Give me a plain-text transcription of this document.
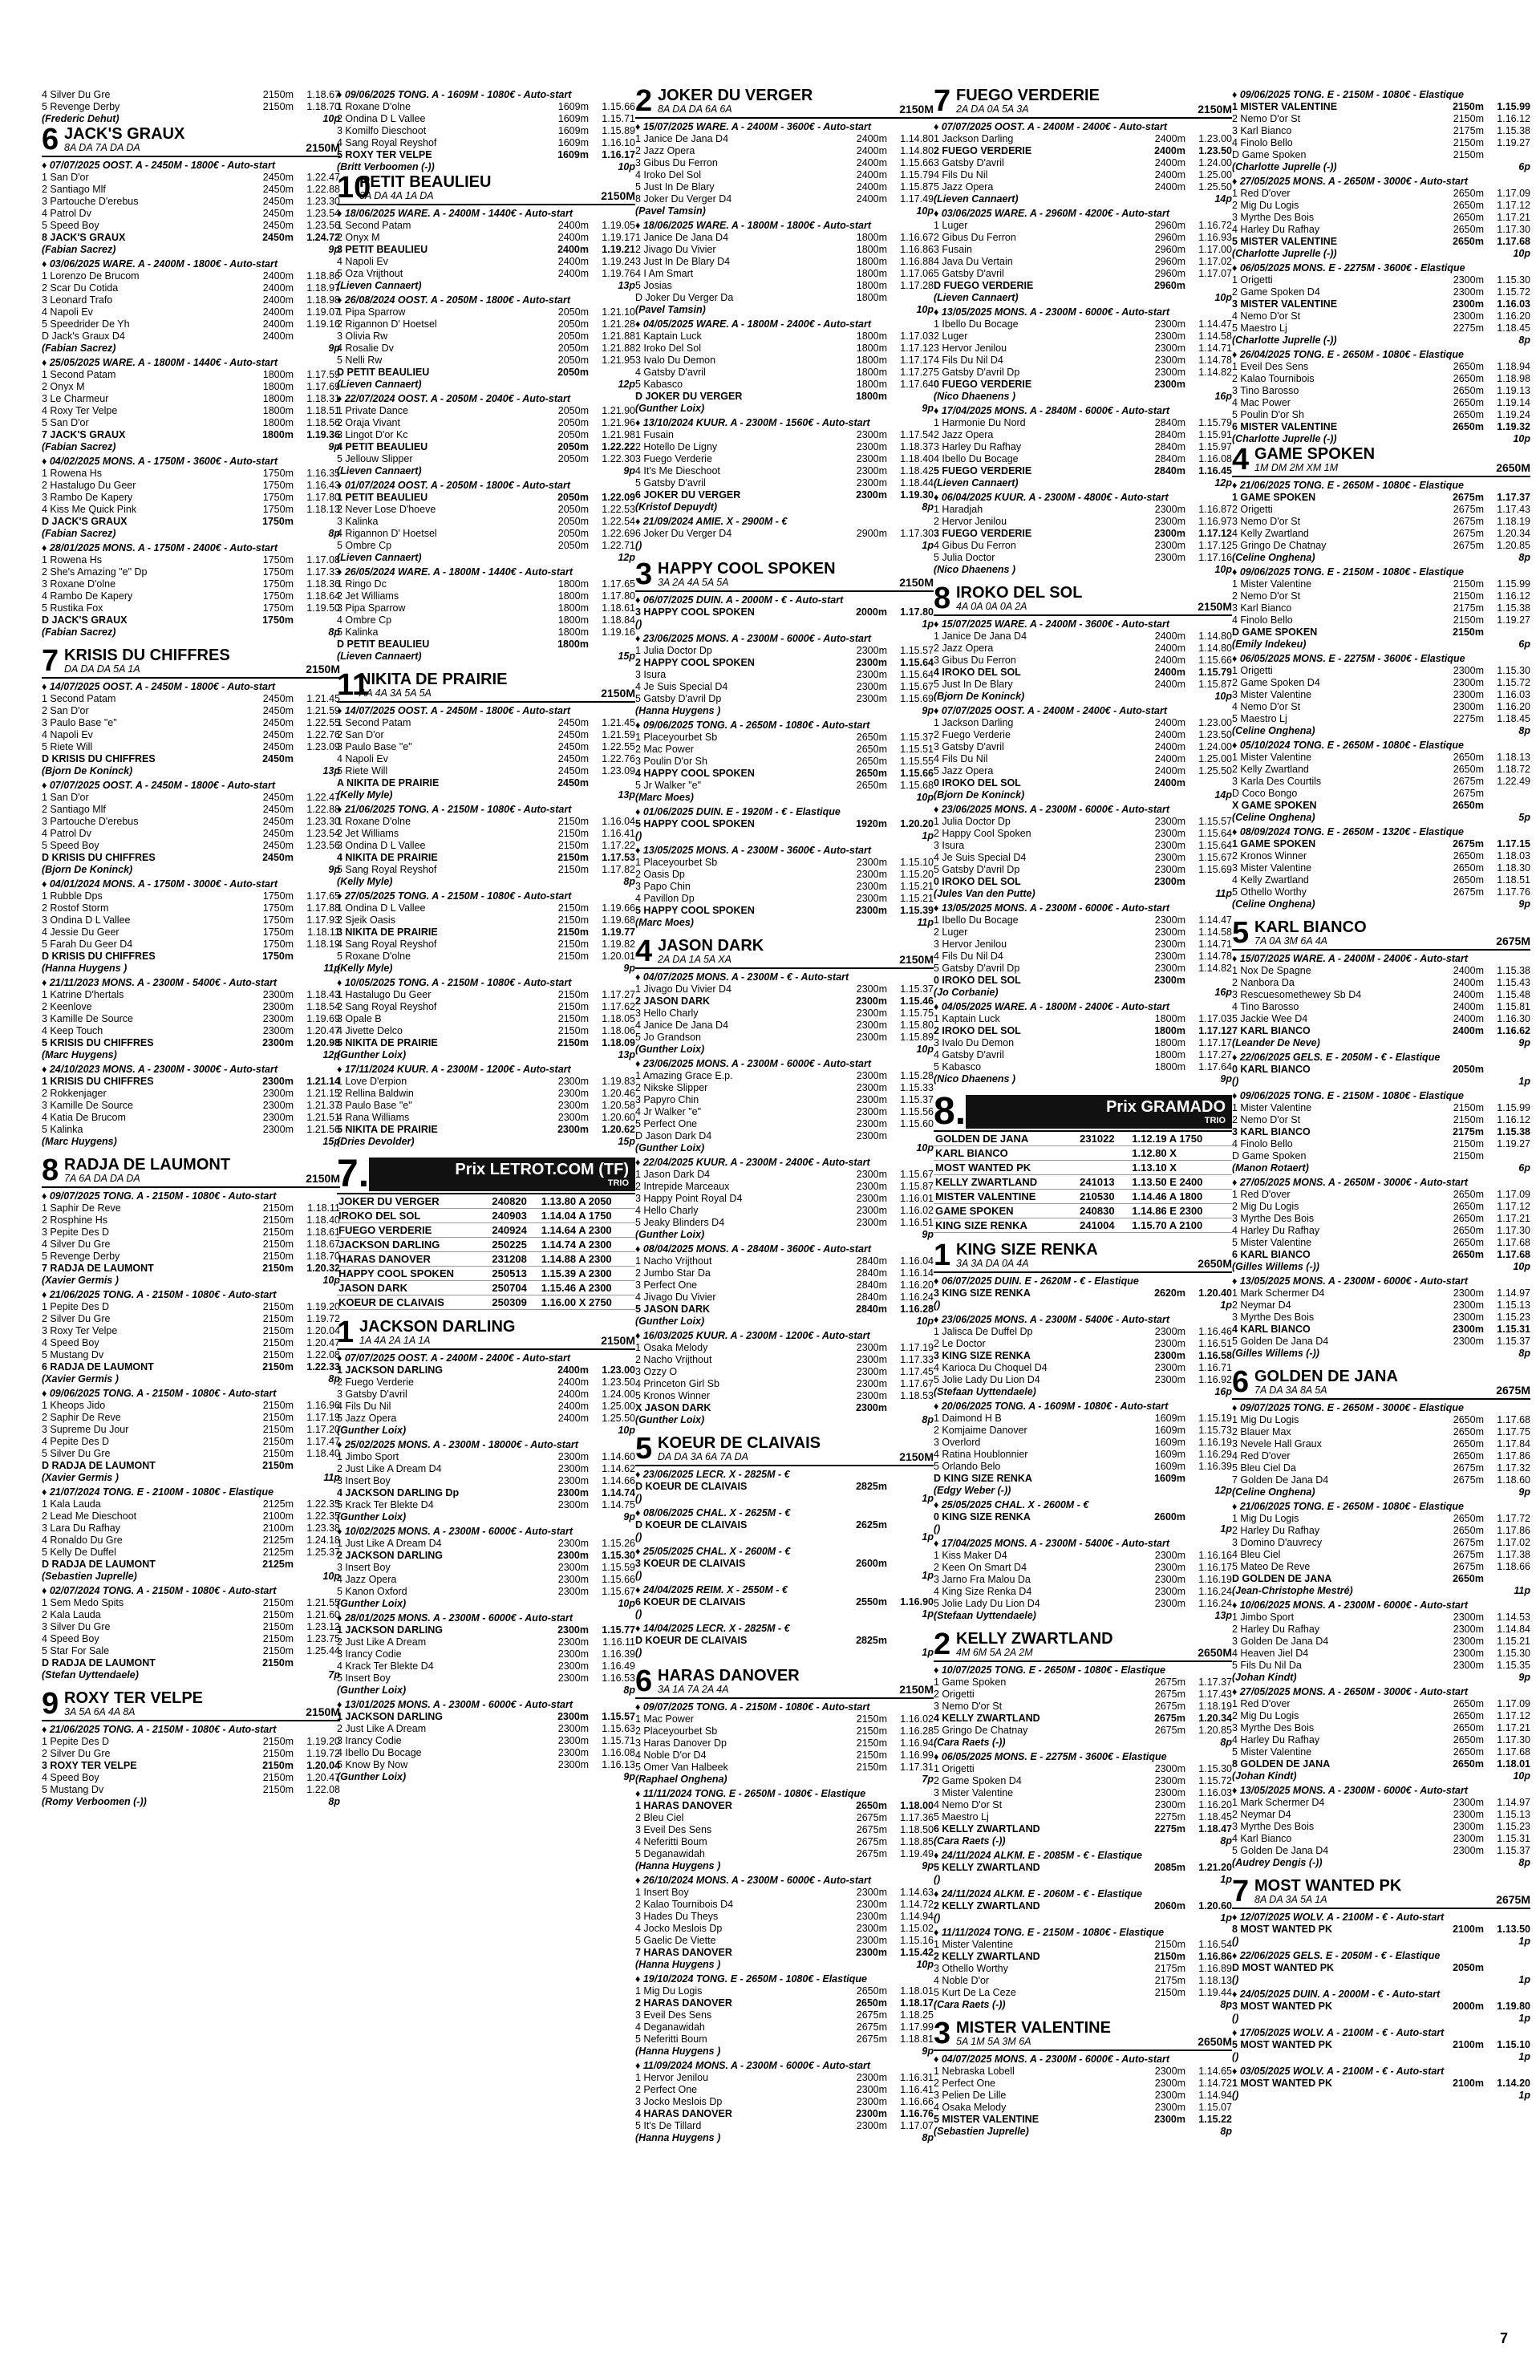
4 Silver Du Gre	2150m	1.18.67
5 Revenge Derby	2150m	1.18.70
(Frederic Dehut)	10p
6 JACK'S GRAUX
8A DA 7A DA DA	2150M
♦ 07/07/2025 OOST. A - 2450M - 1800€ - Auto-start
1 San D'or	2450m	1.22.47
2 Santiago Mlf	2450m	1.22.88
3 Partouche D'erebus	2450m	1.23.30
4 Patrol Dv	2450m	1.23.54
5 Speed Boy	2450m	1.23.56
8 JACK'S GRAUX	2450m	1.24.72
(Fabian Sacrez)	9p
♦ 03/06/2025 WARE. A - 2400M - 1800€ - Auto-start
1 Lorenzo De Brucom	2400m	1.18.86
2 Scar Du Cotida	2400m	1.18.97
3 Leonard Trafo	2400m	1.18.98
4 Napoli Ev	2400m	1.19.07
5 Speedrider De Yh	2400m	1.19.16
D Jack's Graux D4	2400m
(Fabian Sacrez)	9p
♦ 25/05/2025 WARE. A - 1800M - 1440€ - Auto-start
1 Second Patam	1800m	1.17.59
2 Onyx M	1800m	1.17.69
3 Le Charmeur	1800m	1.18.31
4 Roxy Ter Velpe	1800m	1.18.51
5 San D'or	1800m	1.18.56
7 JACK'S GRAUX	1800m	1.19.36
(Fabian Sacrez)	9p
♦ 04/02/2025 MONS. A - 1750M - 3600€ - Auto-start
1 Rowena Hs	1750m	1.16.35
2 Hastalugo Du Geer	1750m	1.16.43
3 Rambo De Kapery	1750m	1.17.80
4 Kiss Me Quick Pink	1750m	1.18.13
D JACK'S GRAUX	1750m
(Fabian Sacrez)	8p
♦ 28/01/2025 MONS. A - 1750M - 2400€ - Auto-start
1 Rowena Hs	1750m	1.17.08
2 She's Amazing "e" Dp	1750m	1.17.33
3 Roxane D'olne	1750m	1.18.36
4 Rambo De Kapery	1750m	1.18.64
5 Rustika Fox	1750m	1.19.50
D JACK'S GRAUX	1750m
(Fabian Sacrez)	8p
7 KRISIS DU CHIFFRES
DA DA DA 5A 1A	2150M
♦ 14/07/2025 OOST. A - 2450M - 1800€ - Auto-start
1 Second Patam	2450m	1.21.45
2 San D'or	2450m	1.21.59
3 Paulo Base "e"	2450m	1.22.55
4 Napoli Ev	2450m	1.22.76
5 Riete Will	2450m	1.23.09
D KRISIS DU CHIFFRES	2450m
(Bjorn De Koninck)	13p
♦ 07/07/2025 OOST. A - 2450M - 1800€ - Auto-start
1 San D'or	2450m	1.22.47
2 Santiago Mlf	2450m	1.22.88
3 Partouche D'erebus	2450m	1.23.30
4 Patrol Dv	2450m	1.23.54
5 Speed Boy	2450m	1.23.56
D KRISIS DU CHIFFRES	2450m
(Bjorn De Koninck)	9p
♦ 04/01/2024 MONS. A - 1750M - 3000€ - Auto-start
1 Rubble Dps	1750m	1.17.65
2 Rostof Storm	1750m	1.17.88
3 Ondina D L Vallee	1750m	1.17.93
4 Jessie Du Geer	1750m	1.18.11
5 Farah Du Geer D4	1750m	1.18.19
D KRISIS DU CHIFFRES	1750m
(Hanna Huygens )	11p
♦ 21/11/2023 MONS. A - 2300M - 5400€ - Auto-start
1 Katrine D'hertals	2300m	1.18.43
2 Keenlove	2300m	1.18.54
3 Kamille De Source	2300m	1.19.69
4 Keep Touch	2300m	1.20.47
5 KRISIS DU CHIFFRES	2300m	1.20.98
(Marc Huygens)	12p
♦ 24/10/2023 MONS. A - 2300M - 3000€ - Auto-start
1 KRISIS DU CHIFFRES	2300m	1.21.14
2 Rokkenjager	2300m	1.21.15
3 Kamille De Source	2300m	1.21.37
4 Katia De Brucom	2300m	1.21.51
5 Kalinka	2300m	1.21.56
(Marc Huygens)	15p
8 RADJA DE LAUMONT
7A 6A DA DA DA	2150M
♦ 09/07/2025 TONG. A - 2150M - 1080€ - Auto-start
1 Saphir De Reve	2150m	1.18.11
2 Rosphine Hs	2150m	1.18.40
3 Pepite Des D	2150m	1.18.61
4 Silver Du Gre	2150m	1.18.67
5 Revenge Derby	2150m	1.18.70
7 RADJA DE LAUMONT	2150m	1.20.32
(Xavier Germis )	10p
♦ 21/06/2025 TONG. A - 2150M - 1080€ - Auto-start
1 Pepite Des D	2150m	1.19.20
2 Silver Du Gre	2150m	1.19.72
3 Roxy Ter Velpe	2150m	1.20.04
4 Speed Boy	2150m	1.20.47
5 Mustang Dv	2150m	1.22.08
6 RADJA DE LAUMONT	2150m	1.22.33
(Xavier Germis )	8p
♦ 09/06/2025 TONG. A - 2150M - 1080€ - Auto-start
1 Kheops Jido	2150m	1.16.96
2 Saphir De Reve	2150m	1.17.19
3 Supreme Du Jour	2150m	1.17.20
4 Pepite Des D	2150m	1.17.47
5 Silver Du Gre	2150m	1.18.40
D RADJA DE LAUMONT	2150m
(Xavier Germis )	11p
♦ 21/07/2024 TONG. E - 2100M - 1080€ - Elastique
1 Kala Lauda	2125m	1.22.35
2 Lead Me Dieschoot	2100m	1.22.35
3 Lara Du Rafhay	2100m	1.23.38
4 Ronaldo Du Gre	2125m	1.24.18
5 Kelly De Duffel	2125m	1.25.37
D RADJA DE LAUMONT	2125m
(Sebastien Juprelle)	10p
♦ 02/07/2024 TONG. A - 2150M - 1080€ - Auto-start
1 Sem Medo Spits	2150m	1.21.55
2 Kala Lauda	2150m	1.21.60
3 Silver Du Gre	2150m	1.23.12
4 Speed Boy	2150m	1.23.75
5 Star For Sale	2150m	1.25.44
D RADJA DE LAUMONT	2150m
(Stefan Uyttendaele)	7p
9 ROXY TER VELPE
3A 5A 6A 4A 8A	2150M
♦ 21/06/2025 TONG. A - 2150M - 1080€ - Auto-start
1 Pepite Des D	2150m	1.19.20
2 Silver Du Gre	2150m	1.19.72
3 ROXY TER VELPE	2150m	1.20.04
4 Speed Boy	2150m	1.20.47
5 Mustang Dv	2150m	1.22.08
(Romy Verboomen (-))	8p
♦ 09/06/2025 TONG. A - 1609M - 1080€ - Auto-start
1 Roxane D'olne	1609m	1.15.66
2 Ondina D L Vallee	1609m	1.15.71
3 Komilfo Dieschoot	1609m	1.15.89
4 Sang Royal Reyshof	1609m	1.16.10
5 ROXY TER VELPE	1609m	1.16.17
(Britt Verboomen (-))	10p
10
PETIT BEAULIEU
3A DA 4A 1A DA	2150M
♦ 18/06/2025 WARE. A - 2400M - 1440€ - Auto-start
1 Second Patam	2400m	1.19.05
2 Onyx M	2400m	1.19.17
3 PETIT BEAULIEU	2400m	1.19.21
4 Napoli Ev	2400m	1.19.24
5 Oza Vrijthout	2400m	1.19.76
(Lieven Cannaert)	13p
♦ 26/08/2024 OOST. A - 2050M - 1800€ - Auto-start
1 Pipa Sparrow	2050m	1.21.10
2 Rigannon D' Hoetsel	2050m	1.21.28
3 Olivia Rw	2050m	1.21.88
4 Rosalie Dv	2050m	1.21.88
5 Nelli Rw	2050m	1.21.95
D PETIT BEAULIEU	2050m
(Lieven Cannaert)	12p
♦ 22/07/2024 OOST. A - 2050M - 2040€ - Auto-start
1 Private Dance	2050m	1.21.90
2 Oraja Vivant	2050m	1.21.96
3 Lingot D'or Kc	2050m	1.21.98
4 PETIT BEAULIEU	2050m	1.22.22
5 Jellouw Slipper	2050m	1.22.30
(Lieven Cannaert)	9p
♦ 01/07/2024 OOST. A - 2050M - 1800€ - Auto-start
1 PETIT BEAULIEU	2050m	1.22.09
2 Never Lose D'hoeve	2050m	1.22.53
3 Kalinka	2050m	1.22.54
4 Rigannon D' Hoetsel	2050m	1.22.69
5 Ombre Cp	2050m	1.22.71
(Lieven Cannaert)	12p
♦ 26/05/2024 WARE. A - 1800M - 1440€ - Auto-start
1 Ringo Dc	1800m	1.17.65
2 Jet Williams	1800m	1.17.80
3 Pipa Sparrow	1800m	1.18.61
4 Ombre Cp	1800m	1.18.84
5 Kalinka	1800m	1.19.16
D PETIT BEAULIEU	1800m
(Lieven Cannaert)	15p
11
NIKITA DE PRAIRIE
AA 4A 3A 5A 5A	2150M
♦ 14/07/2025 OOST. A - 2450M - 1800€ - Auto-start
1 Second Patam	2450m	1.21.45
2 San D'or	2450m	1.21.59
3 Paulo Base "e"	2450m	1.22.55
4 Napoli Ev	2450m	1.22.76
5 Riete Will	2450m	1.23.09
A NIKITA DE PRAIRIE	2450m
(Kelly Myle)	13p
♦ 21/06/2025 TONG. A - 2150M - 1080€ - Auto-start
1 Roxane D'olne	2150m	1.16.04
2 Jet Williams	2150m	1.16.41
3 Ondina D L Vallee	2150m	1.17.22
4 NIKITA DE PRAIRIE	2150m	1.17.53
5 Sang Royal Reyshof	2150m	1.17.82
(Kelly Myle)	8p
♦ 27/05/2025 TONG. A - 2150M - 1080€ - Auto-start
1 Ondina D L Vallee	2150m	1.19.66
2 Sjeik Oasis	2150m	1.19.68
3 NIKITA DE PRAIRIE	2150m	1.19.77
4 Sang Royal Reyshof	2150m	1.19.82
5 Roxane D'olne	2150m	1.20.01
(Kelly Myle)	9p
♦ 10/05/2025 TONG. A - 2150M - 1080€ - Auto-start
1 Hastalugo Du Geer	2150m	1.17.27
2 Sang Royal Reyshof	2150m	1.17.62
3 Opale B	2150m	1.18.05
4 Jivette Delco	2150m	1.18.06
5 NIKITA DE PRAIRIE	2150m	1.18.09
(Gunther Loix)	13p
♦ 17/11/2024 KUUR. A - 2300M - 1200€ - Auto-start
1 Love D'erpion	2300m	1.19.83
2 Rellina Baldwin	2300m	1.20.46
3 Paulo Base "e"	2300m	1.20.58
4 Rana Williams	2300m	1.20.60
5 NIKITA DE PRAIRIE	2300m	1.20.62
(Dries Devolder)	15p
7.	Prix LETROT.COM (TF)
TRIO
JOKER DU VERGER	240820	1.13.80 A 2050
IROKO DEL SOL	240903	1.14.04 A 1750
FUEGO VERDERIE	240924	1.14.64 A 2300
JACKSON DARLING	250225	1.14.74 A 2300
HARAS DANOVER	231208	1.14.88 A 2300
HAPPY COOL SPOKEN	250513	1.15.39 A 2300
JASON DARK	250704	1.15.46 A 2300
KOEUR DE CLAIVAIS	250309	1.16.00 X 2750
1 JACKSON DARLING
1A 4A 2A 1A 1A	2150M
♦ 07/07/2025 OOST. A - 2400M - 2400€ - Auto-start
1 JACKSON DARLING	2400m	1.23.00
2 Fuego Verderie	2400m	1.23.50
3 Gatsby D'avril	2400m	1.24.00
4 Fils Du Nil	2400m	1.25.00
5 Jazz Opera	2400m	1.25.50
(Gunther Loix)	10p
♦ 25/02/2025 MONS. A - 2300M - 18000€ - Auto-start
1 Jimbo Sport	2300m	1.14.60
2 Just Like A Dream D4	2300m	1.14.62
3 Insert Boy	2300m	1.14.66
4 JACKSON DARLING Dp	2300m	1.14.74
5 Krack Ter Blekte D4	2300m	1.14.75
(Gunther Loix)	9p
♦ 10/02/2025 MONS. A - 2300M - 6000€ - Auto-start
1 Just Like A Dream D4	2300m	1.15.26
2 JACKSON DARLING	2300m	1.15.30
3 Insert Boy	2300m	1.15.59
4 Jazz Opera	2300m	1.15.66
5 Kanon Oxford	2300m	1.15.67
(Gunther Loix)	10p
♦ 28/01/2025 MONS. A - 2300M - 6000€ - Auto-start
1 JACKSON DARLING	2300m	1.15.77
2 Just Like A Dream	2300m	1.16.11
3 Irancy Codie	2300m	1.16.39
4 Krack Ter Blekte D4	2300m	1.16.49
5 Insert Boy	2300m	1.16.53
(Gunther Loix)	8p
♦ 13/01/2025 MONS. A - 2300M - 6000€ - Auto-start
1 JACKSON DARLING	2300m	1.15.57
2 Just Like A Dream	2300m	1.15.63
3 Irancy Codie	2300m	1.15.71
4 Ibello Du Bocage	2300m	1.16.08
5 Know By Now	2300m	1.16.13
(Gunther Loix)	9p
2 JOKER DU VERGER
8A DA DA 6A 6A	2150M
♦ 15/07/2025 WARE. A - 2400M - 3600€ - Auto-start
1 Janice De Jana D4	2400m	1.14.80
2 Jazz Opera	2400m	1.14.80
3 Gibus Du Ferron	2400m	1.15.66
4 Iroko Del Sol	2400m	1.15.79
5 Just In De Blary	2400m	1.15.87
8 Joker Du Verger D4	2400m	1.17.49
(Pavel Tamsin)	10p
♦ 18/06/2025 WARE. A - 1800M - 1800€ - Auto-start
1 Janice De Jana D4	1800m	1.16.67
2 Jivago Du Vivier	1800m	1.16.86
3 Just In De Blary D4	1800m	1.16.88
4 I Am Smart	1800m	1.17.06
5 Josias	1800m	1.17.28
D Joker Du Verger Da	1800m
(Pavel Tamsin)	10p
♦ 04/05/2025 WARE. A - 1800M - 2400€ - Auto-start
1 Kaptain Luck	1800m	1.17.03
2 Iroko Del Sol	1800m	1.17.12
3 Ivalo Du Demon	1800m	1.17.17
4 Gatsby D'avril	1800m	1.17.27
5 Kabasco	1800m	1.17.64
D JOKER DU VERGER	1800m
(Gunther Loix)	9p
♦ 13/10/2024 KUUR. A - 2300M - 1560€ - Auto-start
1 Fusain	2300m	1.17.54
2 Hotello De Ligny	2300m	1.18.37
3 Fuego Verderie	2300m	1.18.40
4 It's Me Dieschoot	2300m	1.18.42
5 Gatsby D'avril	2300m	1.18.44
6 JOKER DU VERGER	2300m	1.19.30
(Kristof Depuydt)	8p
♦ 21/09/2024 AMIE. X - 2900M - €
6 Joker Du Verger D4	2900m	1.17.30
()	1p
3 HAPPY COOL SPOKEN
3A 2A 4A 5A 5A	2150M
♦ 06/07/2025 DUIN. A - 2000M - € - Auto-start
3 HAPPY COOL SPOKEN	2000m	1.17.80
()	1p
♦ 23/06/2025 MONS. A - 2300M - 6000€ - Auto-start
1 Julia Doctor Dp	2300m	1.15.57
2 HAPPY COOL SPOKEN	2300m	1.15.64
3 Isura	2300m	1.15.64
4 Je Suis Special D4	2300m	1.15.67
5 Gatsby D'avril Dp	2300m	1.15.69
(Hanna Huygens )	9p
♦ 09/06/2025 TONG. A - 2650M - 1080€ - Auto-start
1 Placeyourbet Sb	2650m	1.15.37
2 Mac Power	2650m	1.15.51
3 Poulin D'or Sh	2650m	1.15.55
4 HAPPY COOL SPOKEN	2650m	1.15.66
5 Jr Walker "e"	2650m	1.15.68
(Marc Moes)	10p
♦ 01/06/2025 DUIN. E - 1920M - € - Elastique
5 HAPPY COOL SPOKEN	1920m	1.20.20
()	1p
♦ 13/05/2025 MONS. A - 2300M - 3600€ - Auto-start
1 Placeyourbet Sb	2300m	1.15.10
2 Oasis Dp	2300m	1.15.20
3 Papo Chin	2300m	1.15.21
4 Pavillon Dp	2300m	1.15.21
5 HAPPY COOL SPOKEN	2300m	1.15.39
(Marc Moes)	11p
4 JASON DARK
2A DA 1A 5A XA	2150M
♦ 04/07/2025 MONS. A - 2300M - € - Auto-start
1 Jivago Du Vivier D4	2300m	1.15.37
2 JASON DARK	2300m	1.15.46
3 Hello Charly	2300m	1.15.75
4 Janice De Jana D4	2300m	1.15.80
5 Jo Grandson	2300m	1.15.89
(Gunther Loix)	10p
♦ 23/06/2025 MONS. A - 2300M - 6000€ - Auto-start
1 Amazing Grace E.p.	2300m	1.15.28
2 Nikske Slipper	2300m	1.15.33
3 Papyro Chin	2300m	1.15.37
4 Jr Walker "e"	2300m	1.15.56
5 Perfect One	2300m	1.15.60
D Jason Dark D4	2300m
(Gunther Loix)	10p
♦ 22/04/2025 KUUR. A - 2300M - 2400€ - Auto-start
1 Jason Dark D4	2300m	1.15.67
2 Intrepide Marceaux	2300m	1.15.87
3 Happy Point Royal D4	2300m	1.16.01
4 Hello Charly	2300m	1.16.02
5 Jeaky Blinders D4	2300m	1.16.51
(Gunther Loix)	9p
♦ 08/04/2025 MONS. A - 2840M - 3600€ - Auto-start
1 Nacho Vrijthout	2840m	1.16.04
2 Jumbo Star Da	2840m	1.16.14
3 Perfect One	2840m	1.16.20
4 Jivago Du Vivier	2840m	1.16.24
5 JASON DARK	2840m	1.16.28
(Gunther Loix)	10p
♦ 16/03/2025 KUUR. A - 2300M - 1200€ - Auto-start
1 Osaka Melody	2300m	1.17.19
2 Nacho Vrijthout	2300m	1.17.33
3 Ozzy O	2300m	1.17.45
4 Princeton Girl Sb	2300m	1.17.67
5 Kronos Winner	2300m	1.18.53
X JASON DARK	2300m
(Gunther Loix)	8p
5 KOEUR DE CLAIVAIS
DA DA 3A 6A 7A DA	2150M
♦ 23/06/2025 LECR. X - 2825M - €
D KOEUR DE CLAIVAIS	2825m
()	1p
♦ 08/06/2025 CHAL. X - 2625M - €
D KOEUR DE CLAIVAIS	2625m
()	1p
♦ 25/05/2025 CHAL. X - 2600M - €
3 KOEUR DE CLAIVAIS	2600m
()	1p
♦ 24/04/2025 REIM. X - 2550M - €
6 KOEUR DE CLAIVAIS	2550m	1.16.90
()	1p
♦ 14/04/2025 LECR. X - 2825M - €
D KOEUR DE CLAIVAIS	2825m
()	1p
6 HARAS DANOVER
3A 1A 7A 2A 4A	2150M
♦ 09/07/2025 TONG. A - 2150M - 1080€ - Auto-start
1 Mac Power	2150m	1.16.02
2 Placeyourbet Sb	2150m	1.16.28
3 Haras Danover Dp	2150m	1.16.94
4 Noble D'or D4	2150m	1.16.99
5 Omer Van Halbeek	2150m	1.17.31
(Raphael Onghena)	7p
♦ 11/11/2024 TONG. E - 2650M - 1080€ - Elastique
1 HARAS DANOVER	2650m	1.18.00
2 Bleu Ciel	2675m	1.17.36
3 Eveil Des Sens	2675m	1.18.50
4 Neferitti Boum	2675m	1.18.85
5 Deganawidah	2675m	1.19.49
(Hanna Huygens )	9p
♦ 26/10/2024 MONS. A - 2300M - 6000€ - Auto-start
1 Insert Boy	2300m	1.14.63
2 Kalao Tournibois D4	2300m	1.14.72
3 Hades Du Theys	2300m	1.14.94
4 Jocko Meslois Dp	2300m	1.15.02
5 Gaelic De Viette	2300m	1.15.16
7 HARAS DANOVER	2300m	1.15.42
(Hanna Huygens )	10p
♦ 19/10/2024 TONG. E - 2650M - 1080€ - Elastique
1 Mig Du Logis	2650m	1.18.01
2 HARAS DANOVER	2650m	1.18.17
3 Eveil Des Sens	2675m	1.18.25
4 Deganawidah	2675m	1.17.99
5 Neferitti Boum	2675m	1.18.81
(Hanna Huygens )	9p
♦ 11/09/2024 MONS. A - 2300M - 6000€ - Auto-start
1 Hervor Jenilou	2300m	1.16.31
2 Perfect One	2300m	1.16.41
3 Jocko Meslois Dp	2300m	1.16.66
4 HARAS DANOVER	2300m	1.16.76
5 It's De Tillard	2300m	1.17.07
(Hanna Huygens )	8p
7 FUEGO VERDERIE
2A DA 0A 5A 3A	2150M
♦ 07/07/2025 OOST. A - 2400M - 2400€ - Auto-start
1 Jackson Darling	2400m	1.23.00
2 FUEGO VERDERIE	2400m	1.23.50
3 Gatsby D'avril	2400m	1.24.00
4 Fils Du Nil	2400m	1.25.00
5 Jazz Opera	2400m	1.25.50
(Lieven Cannaert)	14p
♦ 03/06/2025 WARE. A - 2960M - 4200€ - Auto-start
1 Luger	2960m	1.16.72
2 Gibus Du Ferron	2960m	1.16.93
3 Fusain	2960m	1.17.00
4 Java Du Vertain	2960m	1.17.02
5 Gatsby D'avril	2960m	1.17.07
D FUEGO VERDERIE	2960m
(Lieven Cannaert)	10p
♦ 13/05/2025 MONS. A - 2300M - 6000€ - Auto-start
1 Ibello Du Bocage	2300m	1.14.47
2 Luger	2300m	1.14.58
3 Hervor Jenilou	2300m	1.14.71
4 Fils Du Nil D4	2300m	1.14.78
5 Gatsby D'avril Dp	2300m	1.14.82
0 FUEGO VERDERIE	2300m
(Nico Dhaenens )	16p
♦ 17/04/2025 MONS. A - 2840M - 6000€ - Auto-start
1 Harmonie Du Nord	2840m	1.15.79
2 Jazz Opera	2840m	1.15.91
3 Harley Du Rafhay	2840m	1.15.97
4 Ibello Du Bocage	2840m	1.16.08
5 FUEGO VERDERIE	2840m	1.16.45
(Lieven Cannaert)	12p
♦ 06/04/2025 KUUR. A - 2300M - 4800€ - Auto-start
1 Haradjah	2300m	1.16.87
2 Hervor Jenilou	2300m	1.16.97
3 FUEGO VERDERIE	2300m	1.17.12
4 Gibus Du Ferron	2300m	1.17.12
5 Julia Doctor	2300m	1.17.16
(Nico Dhaenens )	10p
8 IROKO DEL SOL
4A 0A 0A 0A 2A	2150M
♦ 15/07/2025 WARE. A - 2400M - 3600€ - Auto-start
1 Janice De Jana D4	2400m	1.14.80
2 Jazz Opera	2400m	1.14.80
3 Gibus Du Ferron	2400m	1.15.66
4 IROKO DEL SOL	2400m	1.15.79
5 Just In De Blary	2400m	1.15.87
(Bjorn De Koninck)	10p
♦ 07/07/2025 OOST. A - 2400M - 2400€ - Auto-start
1 Jackson Darling	2400m	1.23.00
2 Fuego Verderie	2400m	1.23.50
3 Gatsby D'avril	2400m	1.24.00
4 Fils Du Nil	2400m	1.25.00
5 Jazz Opera	2400m	1.25.50
0 IROKO DEL SOL	2400m
(Bjorn De Koninck)	14p
♦ 23/06/2025 MONS. A - 2300M - 6000€ - Auto-start
1 Julia Doctor Dp	2300m	1.15.57
2 Happy Cool Spoken	2300m	1.15.64
3 Isura	2300m	1.15.64
4 Je Suis Special D4	2300m	1.15.67
5 Gatsby D'avril Dp	2300m	1.15.69
0 IROKO DEL SOL	2300m
(Jules Van den Putte)	11p
♦ 13/05/2025 MONS. A - 2300M - 6000€ - Auto-start
1 Ibello Du Bocage	2300m	1.14.47
2 Luger	2300m	1.14.58
3 Hervor Jenilou	2300m	1.14.71
4 Fils Du Nil D4	2300m	1.14.78
5 Gatsby D'avril Dp	2300m	1.14.82
0 IROKO DEL SOL	2300m
(Jo Corbanie)	16p
♦ 04/05/2025 WARE. A - 1800M - 2400€ - Auto-start
1 Kaptain Luck	1800m	1.17.03
2 IROKO DEL SOL	1800m	1.17.12
3 Ivalo Du Demon	1800m	1.17.17
4 Gatsby D'avril	1800m	1.17.27
5 Kabasco	1800m	1.17.64
(Nico Dhaenens )	9p
8.	Prix GRAMADO
TRIO
GOLDEN DE JANA	231022	1.12.19 A 1750
KARL BIANCO		1.12.80 X
MOST WANTED PK		1.13.10 X
KELLY ZWARTLAND	241013	1.13.50 E 2400
MISTER VALENTINE	210530	1.14.46 A 1800
GAME SPOKEN	240830	1.14.86 E 2300
KING SIZE RENKA	241004	1.15.70 A 2100
1 KING SIZE RENKA
3A 3A DA 0A 4A	2650M
♦ 06/07/2025 DUIN. E - 2620M - € - Elastique
3 KING SIZE RENKA	2620m	1.20.40
()	1p
♦ 23/06/2025 MONS. A - 2300M - 5400€ - Auto-start
1 Jalisca De Duffel Dp	2300m	1.16.46
2 Le Doctor	2300m	1.16.51
3 KING SIZE RENKA	2300m	1.16.58
4 Karioca Du Choquel D4	2300m	1.16.71
5 Jolie Lady Du Lion D4	2300m	1.16.92
(Stefaan Uyttendaele)	16p
♦ 20/06/2025 TONG. A - 1609M - 1080€ - Auto-start
1 Daimond H B	1609m	1.15.19
2 Komjaime Danover	1609m	1.15.73
3 Overlord	1609m	1.16.19
4 Ratina Houblonnier	1609m	1.16.29
5 Orlando Belo	1609m	1.16.39
D KING SIZE RENKA	1609m
(Edgy Weber (-))	12p
♦ 25/05/2025 CHAL. X - 2600M - €
0 KING SIZE RENKA	2600m
()	1p
♦ 17/04/2025 MONS. A - 2300M - 5400€ - Auto-start
1 Kiss Maker D4	2300m	1.16.16
2 Keen On Smart D4	2300m	1.16.17
3 Jarno Fra Malou Da	2300m	1.16.19
4 King Size Renka D4	2300m	1.16.24
5 Jolie Lady Du Lion D4	2300m	1.16.24
(Stefaan Uyttendaele)	13p
2 KELLY ZWARTLAND
4M 6M 5A 2A 2M	2650M
♦ 10/07/2025 TONG. E - 2650M - 1080€ - Elastique
1 Game Spoken	2675m	1.17.37
2 Origetti	2675m	1.17.43
3 Nemo D'or St	2675m	1.18.19
4 KELLY ZWARTLAND	2675m	1.20.34
5 Gringo De Chatnay	2675m	1.20.85
(Cara Raets (-))	8p
♦ 06/05/2025 MONS. E - 2275M - 3600€ - Elastique
1 Origetti	2300m	1.15.30
2 Game Spoken D4	2300m	1.15.72
3 Mister Valentine	2300m	1.16.03
4 Nemo D'or St	2300m	1.16.20
5 Maestro Lj	2275m	1.18.45
6 KELLY ZWARTLAND	2275m	1.18.47
(Cara Raets (-))	8p
♦ 24/11/2024 ALKM. E - 2085M - € - Elastique
5 KELLY ZWARTLAND	2085m	1.21.20
()	1p
♦ 24/11/2024 ALKM. E - 2060M - € - Elastique
2 KELLY ZWARTLAND	2060m	1.20.60
()	1p
♦ 11/11/2024 TONG. E - 2150M - 1080€ - Elastique
1 Mister Valentine	2150m	1.16.54
2 KELLY ZWARTLAND	2150m	1.16.86
3 Othello Worthy	2175m	1.16.89
4 Noble D'or	2175m	1.18.13
5 Kurt De La Ceze	2150m	1.19.44
(Cara Raets (-))	8p
3 MISTER VALENTINE
5A 1M 5A 3M 6A	2650M
♦ 04/07/2025 MONS. A - 2300M - 6000€ - Auto-start
1 Nebraska Lobell	2300m	1.14.65
2 Perfect One	2300m	1.14.72
3 Pelien De Lille	2300m	1.14.94
4 Osaka Melody	2300m	1.15.07
5 MISTER VALENTINE	2300m	1.15.22
(Sebastien Juprelle)	8p
♦ 09/06/2025 TONG. E - 2150M - 1080€ - Elastique
1 MISTER VALENTINE	2150m	1.15.99
2 Nemo D'or St	2150m	1.16.12
3 Karl Bianco	2175m	1.15.38
4 Finolo Bello	2150m	1.19.27
D Game Spoken	2150m
(Charlotte Juprelle (-))	6p
♦ 27/05/2025 MONS. A - 2650M - 3000€ - Auto-start
1 Red D'over	2650m	1.17.09
2 Mig Du Logis	2650m	1.17.12
3 Myrthe Des Bois	2650m	1.17.21
4 Harley Du Rafhay	2650m	1.17.30
5 MISTER VALENTINE	2650m	1.17.68
(Charlotte Juprelle (-))	10p
♦ 06/05/2025 MONS. E - 2275M - 3600€ - Elastique
1 Origetti	2300m	1.15.30
2 Game Spoken D4	2300m	1.15.72
3 MISTER VALENTINE	2300m	1.16.03
4 Nemo D'or St	2300m	1.16.20
5 Maestro Lj	2275m	1.18.45
(Charlotte Juprelle (-))	8p
♦ 26/04/2025 TONG. E - 2650M - 1080€ - Elastique
1 Eveil Des Sens	2650m	1.18.94
2 Kalao Tournibois	2650m	1.18.98
3 Tino Barosso	2650m	1.19.13
4 Mac Power	2650m	1.19.14
5 Poulin D'or Sh	2650m	1.19.24
6 MISTER VALENTINE	2650m	1.19.32
(Charlotte Juprelle (-))	10p
4 GAME SPOKEN
1M DM 2M XM 1M	2650M
♦ 21/06/2025 TONG. E - 2650M - 1080€ - Elastique
1 GAME SPOKEN	2675m	1.17.37
2 Origetti	2675m	1.17.43
3 Nemo D'or St	2675m	1.18.19
4 Kelly Zwartland	2675m	1.20.34
5 Gringo De Chatnay	2675m	1.20.85
(Celine Onghena)	8p
♦ 09/06/2025 TONG. E - 2150M - 1080€ - Elastique
1 Mister Valentine	2150m	1.15.99
2 Nemo D'or St	2150m	1.16.12
3 Karl Bianco	2175m	1.15.38
4 Finolo Bello	2150m	1.19.27
D GAME SPOKEN	2150m
(Emily Indekeu)	6p
♦ 06/05/2025 MONS. E - 2275M - 3600€ - Elastique
1 Origetti	2300m	1.15.30
2 Game Spoken D4	2300m	1.15.72
3 Mister Valentine	2300m	1.16.03
4 Nemo D'or St	2300m	1.16.20
5 Maestro Lj	2275m	1.18.45
(Celine Onghena)	8p
♦ 05/10/2024 TONG. E - 2650M - 1080€ - Elastique
1 Mister Valentine	2650m	1.18.13
2 Kelly Zwartland	2650m	1.18.72
3 Karla Des Courtils	2675m	1.22.49
D Coco Bongo	2675m
X GAME SPOKEN	2650m
(Celine Onghena)	5p
♦ 08/09/2024 TONG. E - 2650M - 1320€ - Elastique
1 GAME SPOKEN	2675m	1.17.15
2 Kronos Winner	2650m	1.18.03
3 Mister Valentine	2650m	1.18.30
4 Kelly Zwartland	2650m	1.18.51
5 Othello Worthy	2675m	1.17.76
(Celine Onghena)	9p
5 KARL BIANCO
7A 0A 3M 6A 4A	2675M
♦ 15/07/2025 WARE. A - 2400M - 2400€ - Auto-start
1 Nox De Spagne	2400m	1.15.38
2 Nanbora Da	2400m	1.15.43
3 Rescuesomethewey Sb D4	2400m	1.15.48
4 Tino Barosso	2400m	1.15.81
5 Jackie Wee D4	2400m	1.16.30
7 KARL BIANCO	2400m	1.16.62
(Leander De Neve)	9p
♦ 22/06/2025 GELS. E - 2050M - € - Elastique
0 KARL BIANCO	2050m
()	1p
♦ 09/06/2025 TONG. E - 2150M - 1080€ - Elastique
1 Mister Valentine	2150m	1.15.99
2 Nemo D'or St	2150m	1.16.12
3 KARL BIANCO	2175m	1.15.38
4 Finolo Bello	2150m	1.19.27
D Game Spoken	2150m
(Manon Rotaert)	6p
♦ 27/05/2025 MONS. A - 2650M - 3000€ - Auto-start
1 Red D'over	2650m	1.17.09
2 Mig Du Logis	2650m	1.17.12
3 Myrthe Des Bois	2650m	1.17.21
4 Harley Du Rafhay	2650m	1.17.30
5 Mister Valentine	2650m	1.17.68
6 KARL BIANCO	2650m	1.17.68
(Gilles Willems (-))	10p
♦ 13/05/2025 MONS. A - 2300M - 6000€ - Auto-start
1 Mark Schermer D4	2300m	1.14.97
2 Neymar D4	2300m	1.15.13
3 Myrthe Des Bois	2300m	1.15.23
4 KARL BIANCO	2300m	1.15.31
5 Golden De Jana D4	2300m	1.15.37
(Gilles Willems (-))	8p
6 GOLDEN DE JANA
7A DA 3A 8A 5A	2675M
♦ 09/07/2025 TONG. E - 2650M - 3000€ - Elastique
1 Mig Du Logis	2650m	1.17.68
2 Blauer Max	2650m	1.17.75
3 Nevele Hall Graux	2650m	1.17.84
4 Red D'over	2650m	1.17.86
5 Bleu Ciel Da	2675m	1.17.32
7 Golden De Jana D4	2675m	1.18.60
(Celine Onghena)	9p
♦ 21/06/2025 TONG. E - 2650M - 1080€ - Elastique
1 Mig Du Logis	2650m	1.17.72
2 Harley Du Rafhay	2650m	1.17.86
3 Domino D'auvrecy	2675m	1.17.02
4 Bleu Ciel	2675m	1.17.38
5 Mateo De Reve	2675m	1.18.66
D GOLDEN DE JANA	2650m
(Jean-Christophe Mestré)	11p
♦ 10/06/2025 MONS. A - 2300M - 6000€ - Auto-start
1 Jimbo Sport	2300m	1.14.53
2 Harley Du Rafhay	2300m	1.14.84
3 Golden De Jana D4	2300m	1.15.21
4 Heaven Jiel D4	2300m	1.15.30
5 Fils Du Nil Da	2300m	1.15.35
(Johan Kindt)	9p
♦ 27/05/2025 MONS. A - 2650M - 3000€ - Auto-start
1 Red D'over	2650m	1.17.09
2 Mig Du Logis	2650m	1.17.12
3 Myrthe Des Bois	2650m	1.17.21
4 Harley Du Rafhay	2650m	1.17.30
5 Mister Valentine	2650m	1.17.68
8 GOLDEN DE JANA	2650m	1.18.01
(Johan Kindt)	10p
♦ 13/05/2025 MONS. A - 2300M - 6000€ - Auto-start
1 Mark Schermer D4	2300m	1.14.97
2 Neymar D4	2300m	1.15.13
3 Myrthe Des Bois	2300m	1.15.23
4 Karl Bianco	2300m	1.15.31
5 Golden De Jana D4	2300m	1.15.37
(Audrey Dengis (-))	8p
7 MOST WANTED PK
8A DA 3A 5A 1A	2675M
♦ 12/07/2025 WOLV. A - 2100M - € - Auto-start
8 MOST WANTED PK	2100m	1.13.50
()	1p
♦ 22/06/2025 GELS. E - 2050M - € - Elastique
D MOST WANTED PK	2050m
()	1p
♦ 24/05/2025 DUIN. A - 2000M - € - Auto-start
3 MOST WANTED PK	2000m	1.19.80
()	1p
♦ 17/05/2025 WOLV. A - 2100M - € - Auto-start
5 MOST WANTED PK	2100m	1.15.10
()	1p
♦ 03/05/2025 WOLV. A - 2100M - € - Auto-start
1 MOST WANTED PK	2100m	1.14.20
()	1p
7
